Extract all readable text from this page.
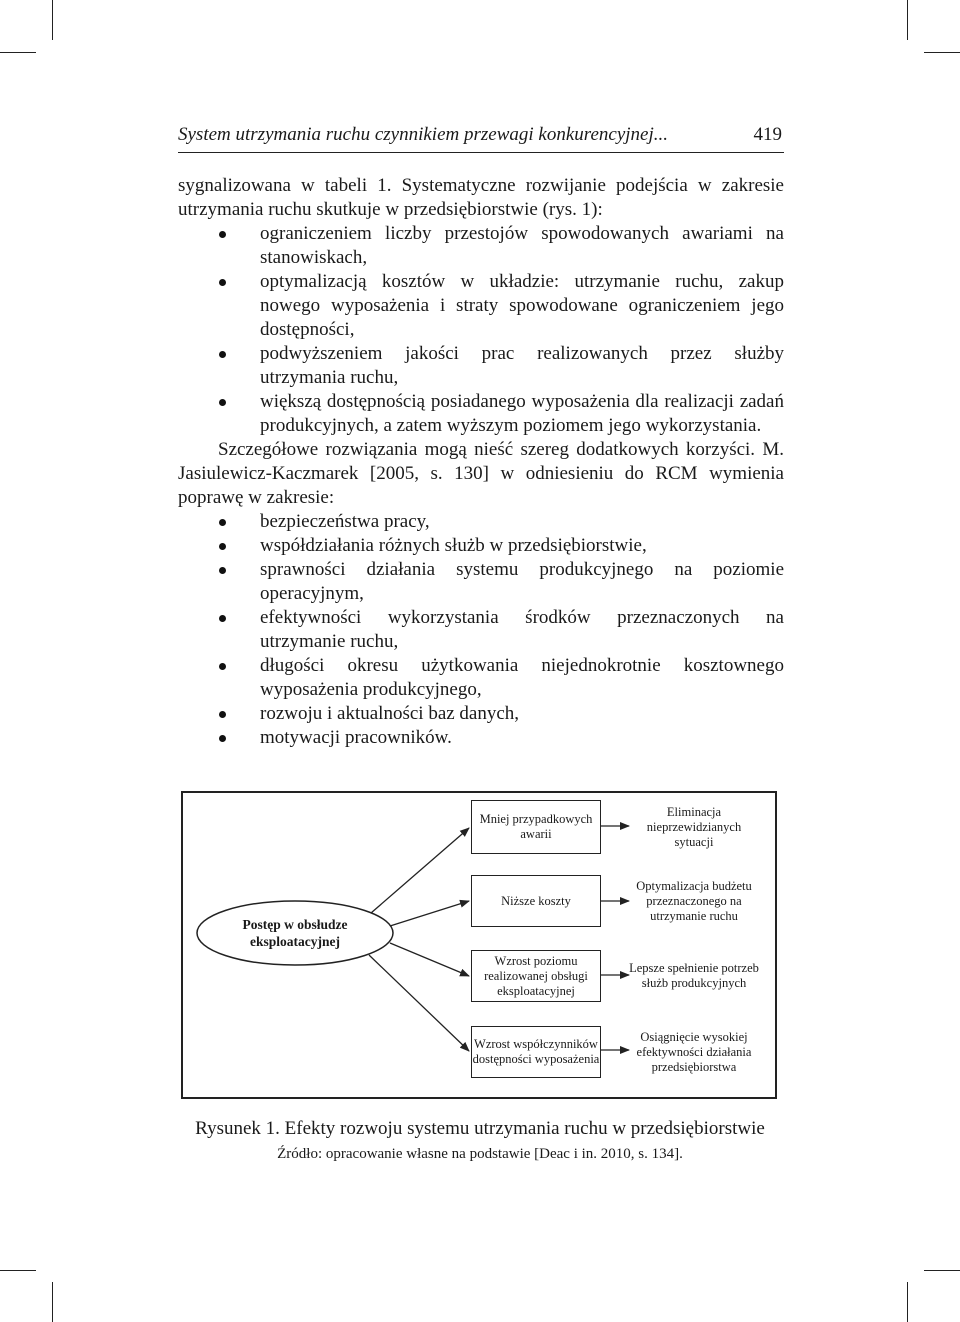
System utrzymania ruchu czynnikiem przewagi konkurencyjnej...	419

sygnalizowana w tabeli 1. Systematyczne rozwijanie podejścia w zakresie utrzymania ruchu skutkuje w przedsiębiorstwie (rys. 1):

ograniczeniem liczby przestojów spowodowanych awariami na stanowiskach,
optymalizacją kosztów w układzie: utrzymanie ruchu, zakup nowego wyposażenia i straty spowodowane ograniczeniem jego dostępności,
podwyższeniem jakości prac realizowanych przez służby utrzymania ruchu,
większą dostępnością posiadanego wyposażenia dla realizacji zadań produkcyjnych, a zatem wyższym poziomem jego wykorzystania.

Szczegółowe rozwiązania mogą nieść szereg dodatkowych korzyści. M. Jasiulewicz-Kaczmarek [2005, s. 130] w odniesieniu do RCM wymienia poprawę w zakresie:

bezpieczeństwa pracy,
współdziałania różnych służb w przedsiębiorstwie,
sprawności działania systemu produkcyjnego na poziomie operacyjnym,
efektywności wykorzystania środków przeznaczonych na utrzymanie ruchu,
długości okresu użytkowania niejednokrotnie kosztownego wyposażenia produkcyjnego,
rozwoju i aktualności baz danych,
motywacji pracowników.
Postęp w obsłudze eksploatacyjnej
Mniej przypadkowych awarii
Niższe koszty
Wzrost poziomu realizowanej obsługi eksploatacyjnej
Wzrost współczynników dostępności wyposażenia
Eliminacja nieprzewidzianych sytuacji
Optymalizacja budżetu przeznaczonego na utrzymanie ruchu
Lepsze spełnienie potrzeb służb produkcyjnych
Osiągnięcie wysokiej efektywności działania przedsiębiorstwa
Rysunek 1. Efekty rozwoju systemu utrzymania ruchu w przedsiębiorstwie
Źródło: opracowanie własne na podstawie [Deac i in. 2010, s. 134].
